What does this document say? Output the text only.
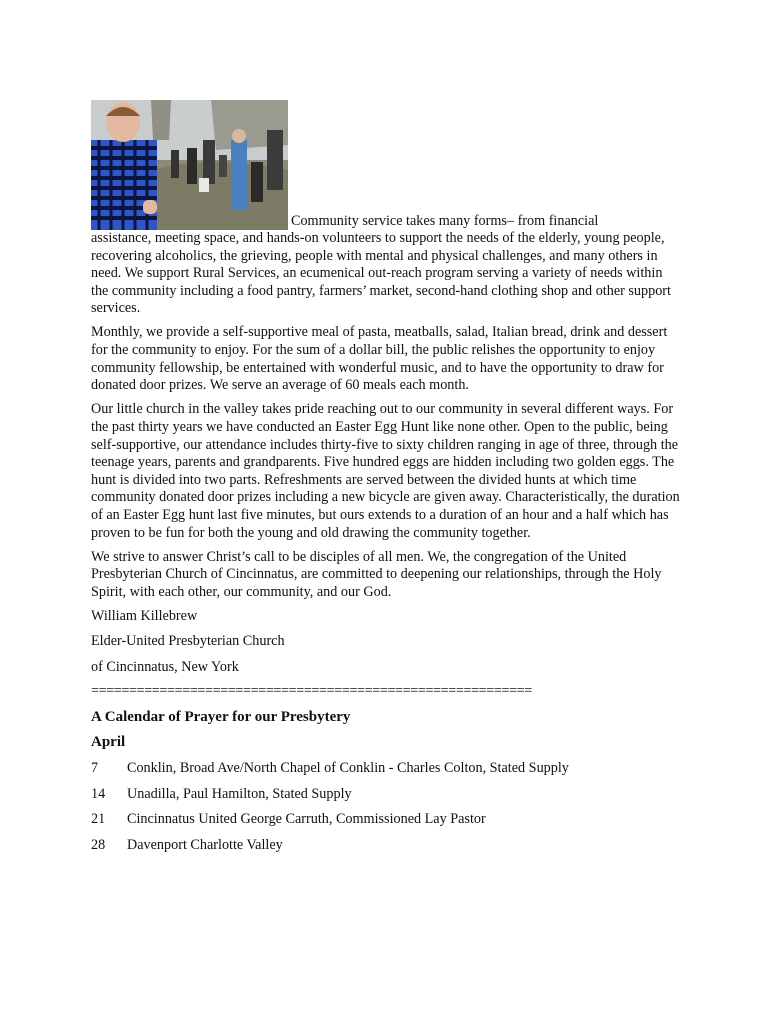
Community service takes many forms– from financial

assistance, meeting space, and hands-on volunteers to support the needs of the elderly, young people, recovering alcoholics, the grieving, people with mental and physical challenges, and many others in need. We support Rural Services, an ecumenical out-reach program serving a variety of needs within the community including a food pantry, farmers’ market, second-hand clothing shop and other support services.

Monthly, we provide a self-supportive meal of pasta, meatballs, salad, Italian bread, drink and dessert for the community to enjoy. For the sum of a dollar bill, the public relishes the opportunity to enjoy community fellowship, be entertained with wonderful music, and to have the opportunity to draw for donated door prizes. We serve an average of 60 meals each month.

Our little church in the valley takes pride reaching out to our community in several different ways. For the past thirty years we have conducted an Easter Egg Hunt like none other. Open to the public, being self-supportive, our attendance includes thirty-five to sixty children ranging in age of three, through the teenage years, parents and grandparents. Five hundred eggs are hidden including two golden eggs. The hunt is divided into two parts. Refreshments are served between the divided hunts at which time community donated door prizes including a new bicycle are given away. Characteristically, the duration of an Easter Egg hunt last five minutes, but ours extends to a duration of an hour and a half which has proven to be fun for both the young and old drawing the community together.

We strive to answer Christ’s call to be disciples of all men. We, the congregation of the United Presbyterian Church of Cincinnatus, are committed to deepening our relationships, through the Holy Spirit, with each other, our community, and our God.

William Killebrew

Elder-United Presbyterian Church

of Cincinnatus, New York

==========================================================
A Calendar of Prayer for our Presbytery
April
7	Conklin, Broad Ave/North Chapel of Conklin - Charles Colton, Stated Supply
14	Unadilla, Paul Hamilton, Stated Supply
21	Cincinnatus United George Carruth, Commissioned Lay Pastor
28	Davenport Charlotte Valley
